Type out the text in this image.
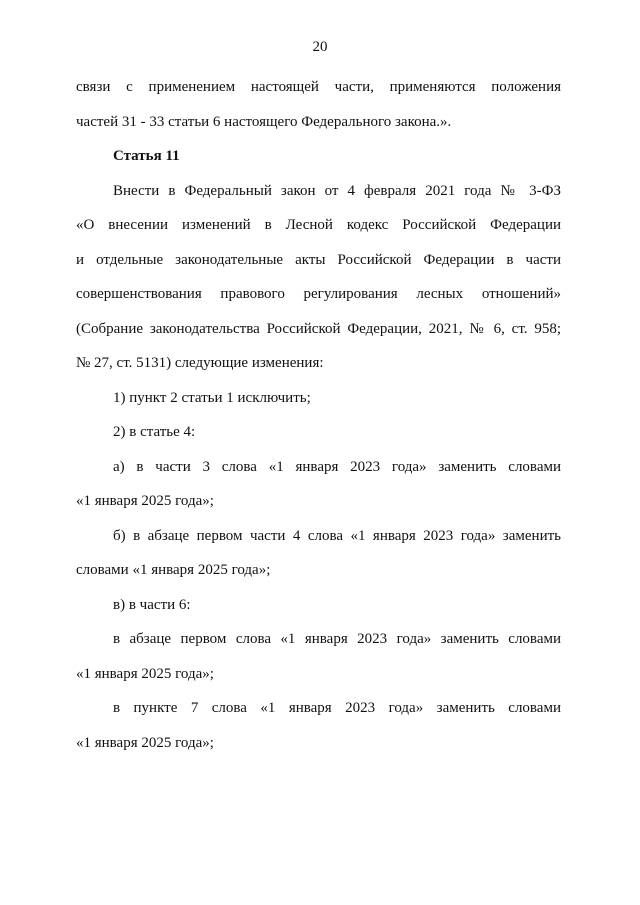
20
связи с применением настоящей части, применяются положения
частей 31 - 33 статьи 6 настоящего Федерального закона.».
Статья 11
Внести в Федеральный закон от 4 февраля 2021 года № 3-ФЗ
«О внесении изменений в Лесной кодекс Российской Федерации
и отдельные законодательные акты Российской Федерации в части
совершенствования правового регулирования лесных отношений»
(Собрание законодательства Российской Федерации, 2021, № 6, ст. 958;
№ 27, ст. 5131) следующие изменения:
1) пункт 2 статьи 1 исключить;
2) в статье 4:
а) в части 3 слова «1 января 2023 года» заменить словами
«1 января 2025 года»;
б) в абзаце первом части 4 слова «1 января 2023 года» заменить
словами «1 января 2025 года»;
в) в части 6:
в абзаце первом слова «1 января 2023 года» заменить словами
«1 января 2025 года»;
в пункте 7 слова «1 января 2023 года» заменить словами
«1 января 2025 года»;
